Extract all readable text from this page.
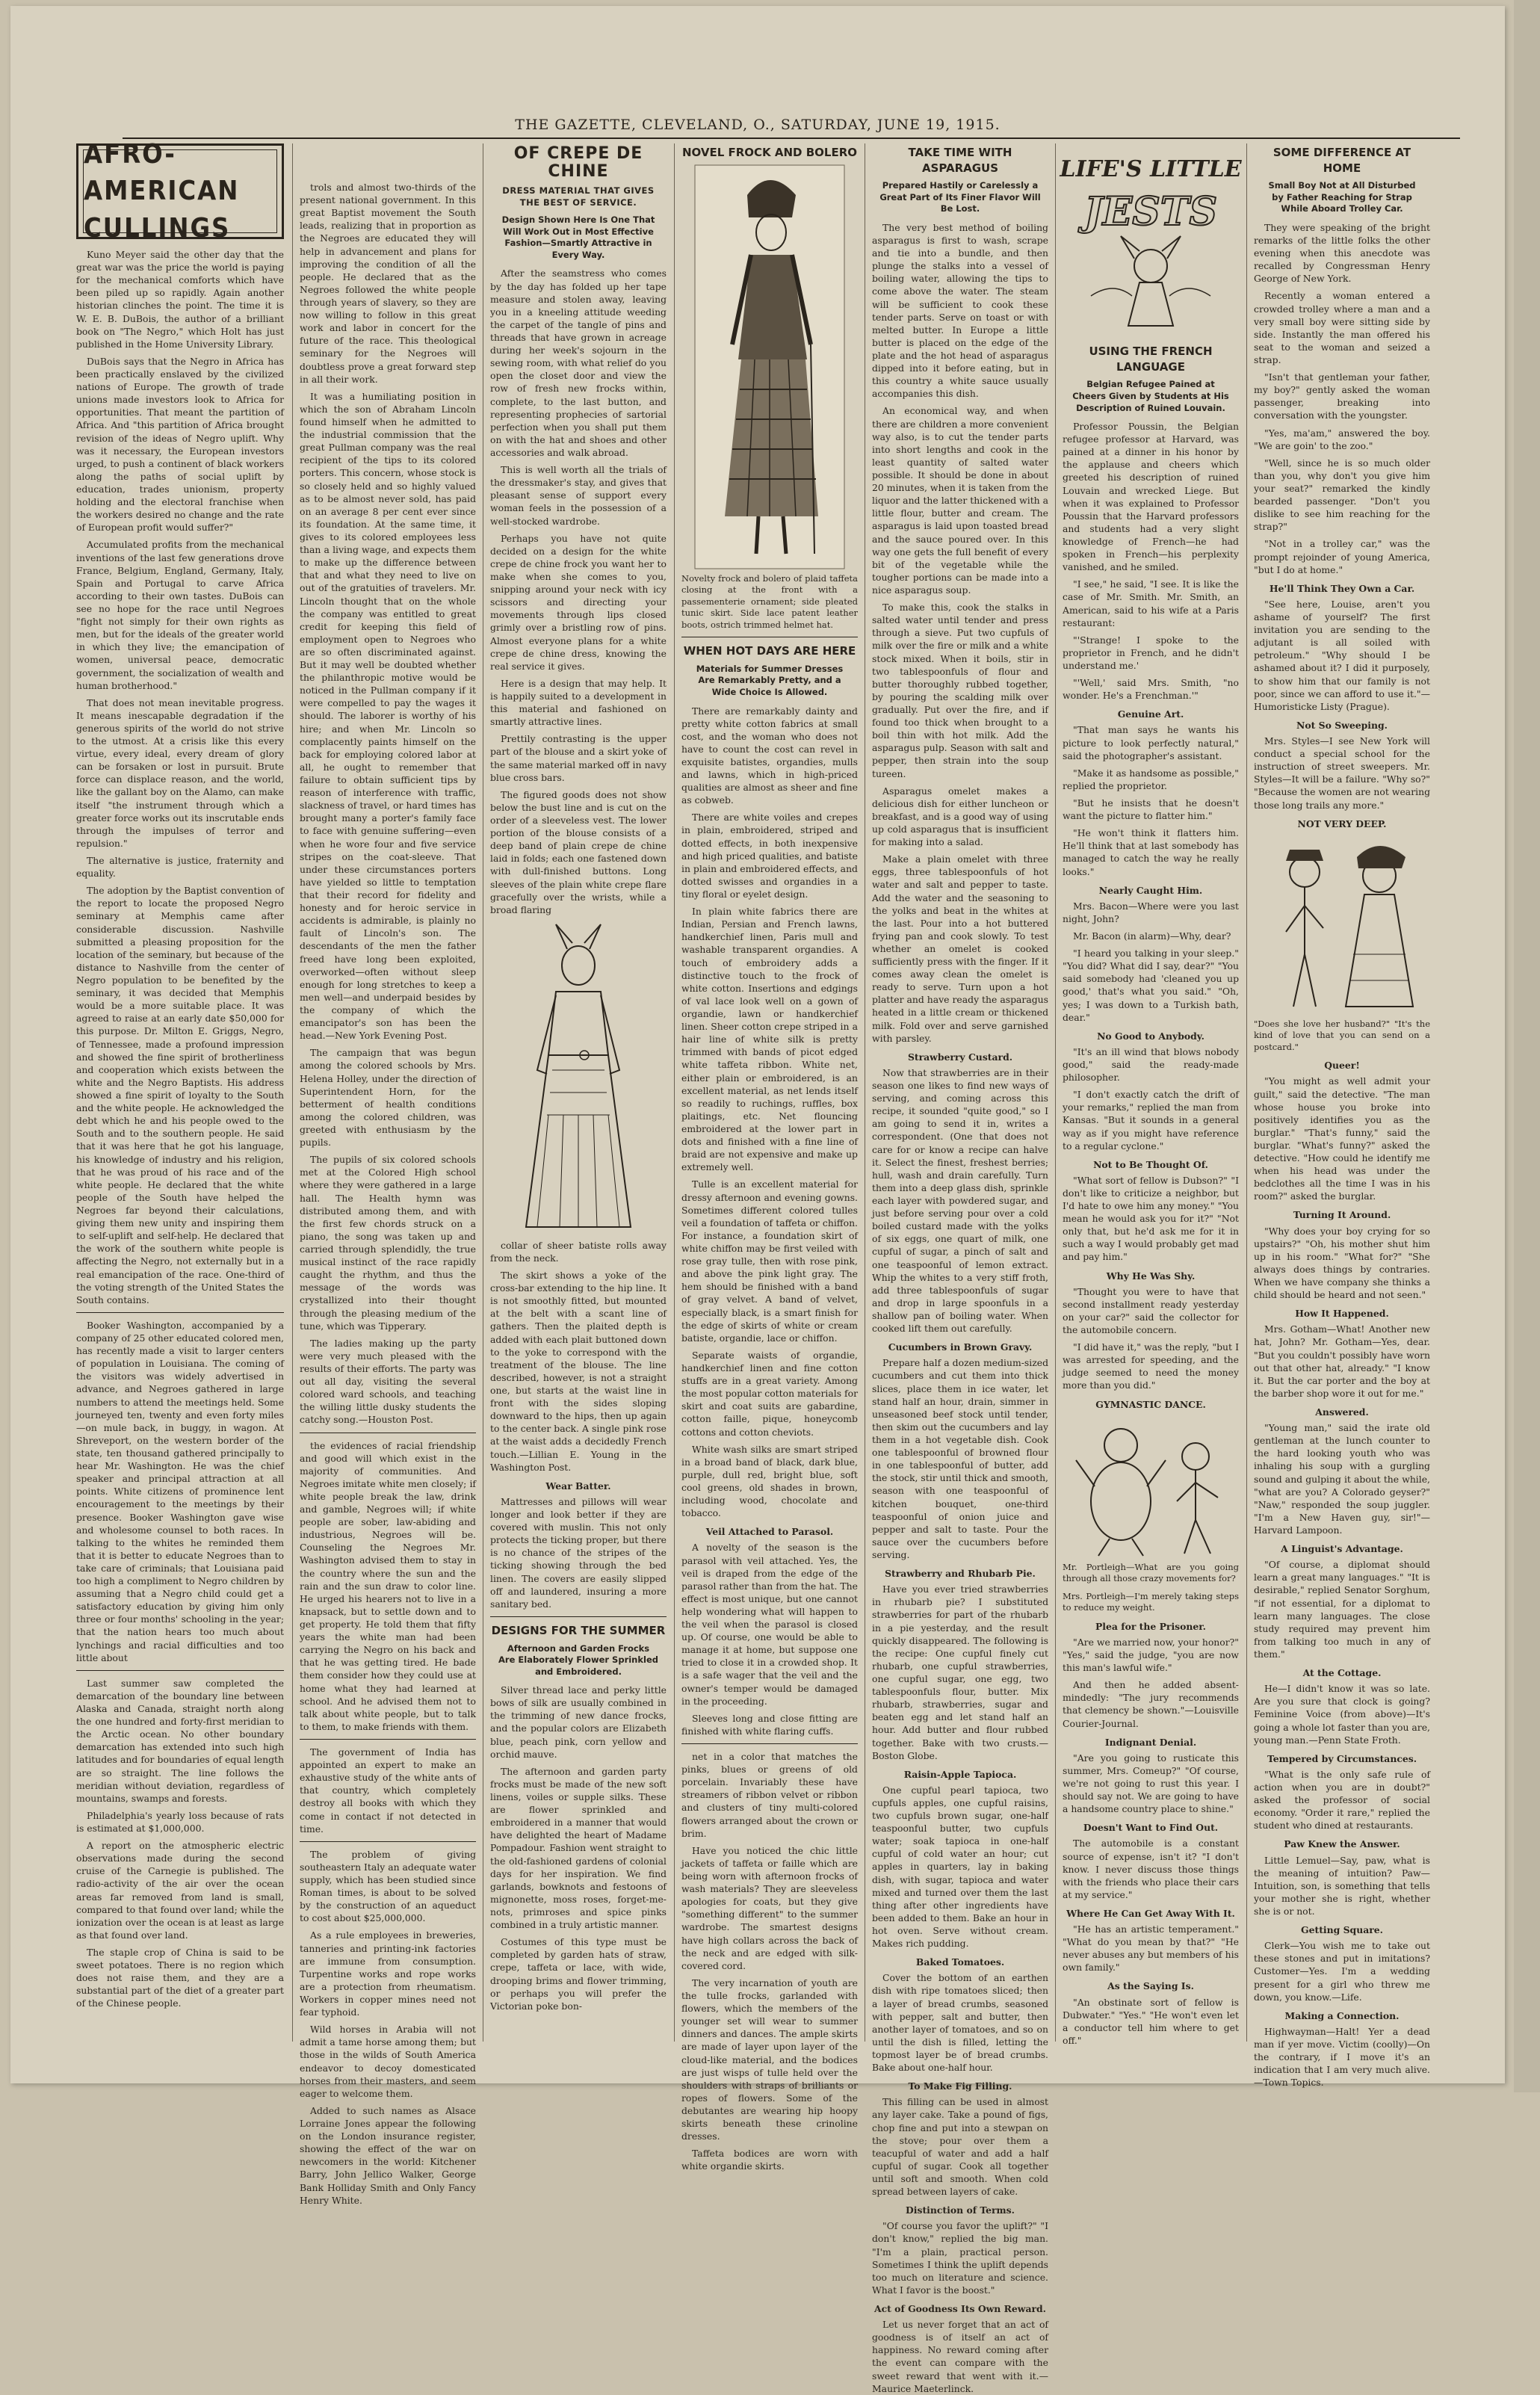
THE GAZETTE, CLEVELAND, O., SATURDAY, JUNE 19, 1915.
AFRO-AMERICAN CULLINGS

Kuno Meyer said the other day that the great war was the price the world is paying for the mechanical comforts which have been piled up so rapidly. Again another historian clinches the point. The time it is W. E. B. DuBois, the author of a brilliant book on "The Negro," which Holt has just published in the Home University Library.

DuBois says that the Negro in Africa has been practically enslaved by the civilized nations of Europe. The growth of trade unions made investors look to Africa for opportunities. That meant the partition of Africa. And "this partition of Africa brought revision of the ideas of Negro uplift. Why was it necessary, the European investors urged, to push a continent of black workers along the paths of social uplift by education, trades unionism, property holding and the electoral franchise when the workers desired no change and the rate of European profit would suffer?"

Accumulated profits from the mechanical inventions of the last few generations drove France, Belgium, England, Germany, Italy, Spain and Portugal to carve Africa according to their own tastes. DuBois can see no hope for the race until Negroes "fight not simply for their own rights as men, but for the ideals of the greater world in which they live; the emancipation of women, universal peace, democratic government, the socialization of wealth and human brotherhood."

That does not mean inevitable progress. It means inescapable degradation if the generous spirits of the world do not strive to the utmost. At a crisis like this every virtue, every ideal, every dream of glory can be forsaken or lost in pursuit. Brute force can displace reason, and the world, like the gallant boy on the Alamo, can make itself "the instrument through which a greater force works out its inscrutable ends through the impulses of terror and repulsion."

The alternative is justice, fraternity and equality.

The adoption by the Baptist convention of the report to locate the proposed Negro seminary at Memphis came after considerable discussion. Nashville submitted a pleasing proposition for the location of the seminary, but because of the distance to Nashville from the center of Negro population to be benefited by the seminary, it was decided that Memphis would be a more suitable place. It was agreed to raise at an early date $50,000 for this purpose. Dr. Milton E. Griggs, Negro, of Tennessee, made a profound impression and showed the fine spirit of brotherliness and cooperation which exists between the white and the Negro Baptists. His address showed a fine spirit of loyalty to the South and the white people. He acknowledged the debt which he and his people owed to the South and to the southern people. He said that it was here that he got his language, his knowledge of industry and his religion, that he was proud of his race and of the white people. He declared that the white people of the South have helped the Negroes far beyond their calculations, giving them new unity and inspiring them to self-uplift and self-help. He declared that the work of the southern white people is affecting the Negro, not externally but in a real emancipation of the race. One-third of the voting strength of the United States the South contains.

Booker Washington, accompanied by a company of 25 other educated colored men, has recently made a visit to larger centers of population in Louisiana. The coming of the visitors was widely advertised in advance, and Negroes gathered in large numbers to attend the meetings held. Some journeyed ten, twenty and even forty miles—on mule back, in buggy, in wagon. At Shreveport, on the western border of the state, ten thousand gathered principally to hear Mr. Washington. He was the chief speaker and principal attraction at all points. White citizens of prominence lent encouragement to the meetings by their presence. Booker Washington gave wise and wholesome counsel to both races. In talking to the whites he reminded them that it is better to educate Negroes than to take care of criminals; that Louisiana paid too high a compliment to Negro children by assuming that a Negro child could get a satisfactory education by giving him only three or four months' schooling in the year; that the nation hears too much about lynchings and racial difficulties and too little about

Last summer saw completed the demarcation of the boundary line between Alaska and Canada, straight north along the one hundred and forty-first meridian to the Arctic ocean. No other boundary demarcation has extended into such high latitudes and for boundaries of equal length are so straight. The line follows the meridian without deviation, regardless of mountains, swamps and forests.

Philadelphia's yearly loss because of rats is estimated at $1,000,000.

A report on the atmospheric electric observations made during the second cruise of the Carnegie is published. The radio-activity of the air over the ocean areas far removed from land is small, compared to that found over land; while the ionization over the ocean is at least as large as that found over land.

The staple crop of China is said to be sweet potatoes. There is no region which does not raise them, and they are a substantial part of the diet of a greater part of the Chinese people.

trols and almost two-thirds of the present national government. In this great Baptist movement the South leads, realizing that in proportion as the Negroes are educated they will help in advancement and plans for improving the condition of all the people. He declared that as the Negroes followed the white people through years of slavery, so they are now willing to follow in this great work and labor in concert for the future of the race. This theological seminary for the Negroes will doubtless prove a great forward step in all their work.

It was a humiliating position in which the son of Abraham Lincoln found himself when he admitted to the industrial commission that the great Pullman company was the real recipient of the tips to its colored porters. This concern, whose stock is so closely held and so highly valued as to be almost never sold, has paid on an average 8 per cent ever since its foundation. At the same time, it gives to its colored employees less than a living wage, and expects them to make up the difference between that and what they need to live on out of the gratuities of travelers. Mr. Lincoln thought that on the whole the company was entitled to great credit for keeping this field of employment open to Negroes who are so often discriminated against. But it may well be doubted whether the philanthropic motive would be noticed in the Pullman company if it were compelled to pay the wages it should. The laborer is worthy of his hire; and when Mr. Lincoln so complacently paints himself on the back for employing colored labor at all, he ought to remember that failure to obtain sufficient tips by reason of interference with traffic, slackness of travel, or hard times has brought many a porter's family face to face with genuine suffering—even when he wore four and five service stripes on the coat-sleeve. That under these circumstances porters have yielded so little to temptation that their record for fidelity and honesty and for heroic service in accidents is admirable, is plainly no fault of Lincoln's son. The descendants of the men the father freed have long been exploited, overworked—often without sleep enough for long stretches to keep a men well—and underpaid besides by the company of which the emancipator's son has been the head.—New York Evening Post.

The campaign that was begun among the colored schools by Mrs. Helena Holley, under the direction of Superintendent Horn, for the betterment of health conditions among the colored children, was greeted with enthusiasm by the pupils.

The pupils of six colored schools met at the Colored High school where they were gathered in a large hall. The Health hymn was distributed among them, and with the first few chords struck on a piano, the song was taken up and carried through splendidly, the true musical instinct of the race rapidly caught the rhythm, and thus the message of the words was crystallized into their thought through the pleasing medium of the tune, which was Tipperary.

The ladies making up the party were very much pleased with the results of their efforts. The party was out all day, visiting the several colored ward schools, and teaching the willing little dusky students the catchy song.—Houston Post.

the evidences of racial friendship and good will which exist in the majority of communities. And Negroes imitate white men closely; if white people break the law, drink and gamble, Negroes will; if white people are sober, law-abiding and industrious, Negroes will be. Counseling the Negroes Mr. Washington advised them to stay in the country where the sun and the rain and the sun draw to color line. He urged his hearers not to live in a knapsack, but to settle down and to get property. He told them that fifty years the white man had been carrying the Negro on his back and that he was getting tired. He bade them consider how they could use at home what they had learned at school. And he advised them not to talk about white people, but to talk to them, to make friends with them.

The government of India has appointed an expert to make an exhaustive study of the white ants of that country, which completely destroy all books with which they come in contact if not detected in time.

The problem of giving southeastern Italy an adequate water supply, which has been studied since Roman times, is about to be solved by the construction of an aqueduct to cost about $25,000,000.

As a rule employees in breweries, tanneries and printing-ink factories are immune from consumption. Turpentine works and rope works are a protection from rheumatism. Workers in copper mines need not fear typhoid.

Wild horses in Arabia will not admit a tame horse among them; but those in the wilds of South America endeavor to decoy domesticated horses from their masters, and seem eager to welcome them.

Added to such names as Alsace Lorraine Jones appear the following on the London insurance register, showing the effect of the war on newcomers in the world: Kitchener Barry, John Jellico Walker, George Bank Holliday Smith and Only Fancy Henry White.

OF CREPE DE CHINE
DRESS MATERIAL THAT GIVES THE BEST OF SERVICE.
Design Shown Here Is One That Will Work Out in Most Effective Fashion—Smartly Attractive in Every Way.

After the seamstress who comes by the day has folded up her tape measure and stolen away, leaving you in a kneeling attitude weeding the carpet of the tangle of pins and threads that have grown in acreage during her week's sojourn in the sewing room, with what relief do you open the closet door and view the row of fresh new frocks within, complete, to the last button, and representing prophecies of sartorial perfection when you shall put them on with the hat and shoes and other accessories and walk abroad.

This is well worth all the trials of the dressmaker's stay, and gives that pleasant sense of support every woman feels in the possession of a well-stocked wardrobe.

Perhaps you have not quite decided on a design for the white crepe de chine frock you want her to make when she comes to you, snipping around your neck with icy scissors and directing your movements through lips closed grimly over a bristling row of pins. Almost everyone plans for a white crepe de chine dress, knowing the real service it gives.

Here is a design that may help. It is happily suited to a development in this material and fashioned on smartly attractive lines.

Prettily contrasting is the upper part of the blouse and a skirt yoke of the same material marked off in navy blue cross bars.

The figured goods does not show below the bust line and is cut on the order of a sleeveless vest. The lower portion of the blouse consists of a deep band of plain crepe de chine laid in folds; each one fastened down with dull-finished buttons. Long sleeves of the plain white crepe flare gracefully over the wrists, while a broad flaring

collar of sheer batiste rolls away from the neck.

The skirt shows a yoke of the cross-bar extending to the hip line. It is not smoothly fitted, but mounted at the belt with a scant line of gathers. Then the plaited depth is added with each plait buttoned down to the yoke to correspond with the treatment of the blouse. The line described, however, is not a straight one, but starts at the waist line in front with the sides sloping downward to the hips, then up again to the center back. A single pink rose at the waist adds a decidedly French touch.—Lillian E. Young in the Washington Post.

Wear Batter.

Mattresses and pillows will wear longer and look better if they are covered with muslin. This not only protects the ticking proper, but there is no chance of the stripes of the ticking showing through the bed linen. The covers are easily slipped off and laundered, insuring a more sanitary bed.

DESIGNS FOR THE SUMMER
Afternoon and Garden Frocks Are Elaborately Flower Sprinkled and Embroidered.

Silver thread lace and perky little bows of silk are usually combined in the trimming of new dance frocks, and the popular colors are Elizabeth blue, peach pink, corn yellow and orchid mauve.

The afternoon and garden party frocks must be made of the new soft linens, voiles or supple silks. These are flower sprinkled and embroidered in a manner that would have delighted the heart of Madame Pompadour. Fashion went straight to the old-fashioned gardens of colonial days for her inspiration. We find garlands, bowknots and festoons of mignonette, moss roses, forget-me-nots, primroses and spice pinks combined in a truly artistic manner.

Costumes of this type must be completed by garden hats of straw, crepe, taffeta or lace, with wide, drooping brims and flower trimming, or perhaps you will prefer the Victorian poke bon-

NOVEL FROCK AND BOLERO
Novelty frock and bolero of plaid taffeta closing at the front with a passementerie ornament; side pleated tunic skirt. Side lace patent leather boots, ostrich trimmed helmet hat.
WHEN HOT DAYS ARE HERE
Materials for Summer Dresses Are Remarkably Pretty, and a Wide Choice Is Allowed.

There are remarkably dainty and pretty white cotton fabrics at small cost, and the woman who does not have to count the cost can revel in exquisite batistes, organdies, mulls and lawns, which in high-priced qualities are almost as sheer and fine as cobweb.

There are white voiles and crepes in plain, embroidered, striped and dotted effects, in both inexpensive and high priced qualities, and batiste in plain and embroidered effects, and dotted swisses and organdies in a tiny floral or eyelet design.

In plain white fabrics there are Indian, Persian and French lawns, handkerchief linen, Paris mull and washable transparent organdies. A touch of embroidery adds a distinctive touch to the frock of white cotton. Insertions and edgings of val lace look well on a gown of organdie, lawn or handkerchief linen. Sheer cotton crepe striped in a hair line of white silk is pretty trimmed with bands of picot edged white taffeta ribbon. White net, either plain or embroidered, is an excellent material, as net lends itself so readily to ruchings, ruffles, box plaitings, etc. Net flouncing embroidered at the lower part in dots and finished with a fine line of braid are not expensive and make up extremely well.

Tulle is an excellent material for dressy afternoon and evening gowns. Sometimes different colored tulles veil a foundation of taffeta or chiffon. For instance, a foundation skirt of white chiffon may be first veiled with rose gray tulle, then with rose pink, and above the pink light gray. The hem should be finished with a band of gray velvet. A band of velvet, especially black, is a smart finish for the edge of skirts of white or cream batiste, organdie, lace or chiffon.

Separate waists of organdie, handkerchief linen and fine cotton stuffs are in a great variety. Among the most popular cotton materials for skirt and coat suits are gabardine, cotton faille, pique, honeycomb cottons and cotton cheviots.

White wash silks are smart striped in a broad band of black, dark blue, purple, dull red, bright blue, soft cool greens, old shades in brown, including wood, chocolate and tobacco.

Veil Attached to Parasol.

A novelty of the season is the parasol with veil attached. Yes, the veil is draped from the edge of the parasol rather than from the hat. The effect is most unique, but one cannot help wondering what will happen to the veil when the parasol is closed up. Of course, one would be able to manage it at home, but suppose one tried to close it in a crowded shop. It is a safe wager that the veil and the owner's temper would be damaged in the proceeding.

Sleeves long and close fitting are finished with white flaring cuffs.

net in a color that matches the pinks, blues or greens of old porcelain. Invariably these have streamers of ribbon velvet or ribbon and clusters of tiny multi-colored flowers arranged about the crown or brim.

Have you noticed the chic little jackets of taffeta or faille which are being worn with afternoon frocks of wash materials? They are sleeveless apologies for coats, but they give "something different" to the summer wardrobe. The smartest designs have high collars across the back of the neck and are edged with silk-covered cord.

The very incarnation of youth are the tulle frocks, garlanded with flowers, which the members of the younger set will wear to summer dinners and dances. The ample skirts are made of layer upon layer of the cloud-like material, and the bodices are just wisps of tulle held over the shoulders with straps of brilliants or ropes of flowers. Some of the debutantes are wearing hip hoopy skirts beneath these crinoline dresses.

Taffeta bodices are worn with white organdie skirts.

TAKE TIME WITH ASPARAGUS
Prepared Hastily or Carelessly a Great Part of Its Finer Flavor Will Be Lost.

The very best method of boiling asparagus is first to wash, scrape and tie into a bundle, and then plunge the stalks into a vessel of boiling water, allowing the tips to come above the water. The steam will be sufficient to cook these tender parts. Serve on toast or with melted butter. In Europe a little butter is placed on the edge of the plate and the hot head of asparagus dipped into it before eating, but in this country a white sauce usually accompanies this dish.

An economical way, and when there are children a more convenient way also, is to cut the tender parts into short lengths and cook in the least quantity of salted water possible. It should be done in about 20 minutes, when it is taken from the liquor and the latter thickened with a little flour, butter and cream. The asparagus is laid upon toasted bread and the sauce poured over. In this way one gets the full benefit of every bit of the vegetable while the tougher portions can be made into a nice asparagus soup.

To make this, cook the stalks in salted water until tender and press through a sieve. Put two cupfuls of milk over the fire or milk and a white stock mixed. When it boils, stir in two tablespoonfuls of flour and butter thoroughly rubbed together, by pouring the scalding milk over gradually. Put over the fire, and if found too thick when brought to a boil thin with hot milk. Add the asparagus pulp. Season with salt and pepper, then strain into the soup tureen.

Asparagus omelet makes a delicious dish for either luncheon or breakfast, and is a good way of using up cold asparagus that is insufficient for making into a salad.

Make a plain omelet with three eggs, three tablespoonfuls of hot water and salt and pepper to taste. Add the water and the seasoning to the yolks and beat in the whites at the last. Pour into a hot buttered frying pan and cook slowly. To test whether an omelet is cooked sufficiently press with the finger. If it comes away clean the omelet is ready to serve. Turn upon a hot platter and have ready the asparagus heated in a little cream or thickened milk. Fold over and serve garnished with parsley.

Strawberry Custard.

Now that strawberries are in their season one likes to find new ways of serving, and coming across this recipe, it sounded "quite good," so I am going to send it in, writes a correspondent. (One that does not care for or know a recipe can halve it. Select the finest, freshest berries; hull, wash and drain carefully. Turn them into a deep glass dish, sprinkle each layer with powdered sugar, and just before serving pour over a cold boiled custard made with the yolks of six eggs, one quart of milk, one cupful of sugar, a pinch of salt and one teaspoonful of lemon extract. Whip the whites to a very stiff froth, add three tablespoonfuls of sugar and drop in large spoonfuls in a shallow pan of boiling water. When cooked lift them out carefully.

Cucumbers in Brown Gravy.

Prepare half a dozen medium-sized cucumbers and cut them into thick slices, place them in ice water, let stand half an hour, drain, simmer in unseasoned beef stock until tender, then skim out the cucumbers and lay them in a hot vegetable dish. Cook one tablespoonful of browned flour in one tablespoonful of butter, add the stock, stir until thick and smooth, season with one teaspoonful of kitchen bouquet, one-third teaspoonful of onion juice and pepper and salt to taste. Pour the sauce over the cucumbers before serving.

Strawberry and Rhubarb Pie.

Have you ever tried strawberries in rhubarb pie? I substituted strawberries for part of the rhubarb in a pie yesterday, and the result quickly disappeared. The following is the recipe: One cupful finely cut rhubarb, one cupful strawberries, one cupful sugar, one egg, two tablespoonfuls flour, butter. Mix rhubarb, strawberries, sugar and beaten egg and let stand half an hour. Add butter and flour rubbed together. Bake with two crusts.—Boston Globe.

Raisin-Apple Tapioca.

One cupful pearl tapioca, two cupfuls apples, one cupful raisins, two cupfuls brown sugar, one-half teaspoonful butter, two cupfuls water; soak tapioca in one-half cupful of cold water an hour; cut apples in quarters, lay in baking dish, with sugar, tapioca and water mixed and turned over them the last thing after other ingredients have been added to them. Bake an hour in hot oven. Serve without cream. Makes rich pudding.

Baked Tomatoes.

Cover the bottom of an earthen dish with ripe tomatoes sliced; then a layer of bread crumbs, seasoned with pepper, salt and butter, then another layer of tomatoes, and so on until the dish is filled, letting the topmost layer be of bread crumbs. Bake about one-half hour.

To Make Fig Filling.

This filling can be used in almost any layer cake. Take a pound of figs, chop fine and put into a stewpan on the stove; pour over them a teacupful of water and add a half cupful of sugar. Cook all together until soft and smooth. When cold spread between layers of cake.

Distinction of Terms.

"Of course you favor the uplift?" "I don't know," replied the big man. "I'm a plain, practical person. Sometimes I think the uplift depends too much on literature and science. What I favor is the boost."

Act of Goodness Its Own Reward.

Let us never forget that an act of goodness is of itself an act of happiness. No reward coming after the event can compare with the sweet reward that went with it.—Maurice Maeterlinck.

LIFE'S LITTLE
JESTS
USING THE FRENCH LANGUAGE
Belgian Refugee Pained at Cheers Given by Students at His Description of Ruined Louvain.

Professor Poussin, the Belgian refugee professor at Harvard, was pained at a dinner in his honor by the applause and cheers which greeted his description of ruined Louvain and wrecked Liege. But when it was explained to Professor Poussin that the Harvard professors and students had a very slight knowledge of French—he had spoken in French—his perplexity vanished, and he smiled.

"I see," he said, "I see. It is like the case of Mr. Smith. Mr. Smith, an American, said to his wife at a Paris restaurant:

"'Strange! I spoke to the proprietor in French, and he didn't understand me.'

"'Well,' said Mrs. Smith, "no wonder. He's a Frenchman.'"

Genuine Art.

"That man says he wants his picture to look perfectly natural," said the photographer's assistant.

"Make it as handsome as possible," replied the proprietor.

"But he insists that he doesn't want the picture to flatter him."

"He won't think it flatters him. He'll think that at last somebody has managed to catch the way he really looks."

Nearly Caught Him.

Mrs. Bacon—Where were you last night, John?

Mr. Bacon (in alarm)—Why, dear?

"I heard you talking in your sleep." "You did? What did I say, dear?" "You said somebody had 'cleaned you up good,' that's what you said." "Oh, yes; I was down to a Turkish bath, dear."

No Good to Anybody.

"It's an ill wind that blows nobody good," said the ready-made philosopher.

"I don't exactly catch the drift of your remarks," replied the man from Kansas. "But it sounds in a general way as if you might have reference to a regular cyclone."

Not to Be Thought Of.

"What sort of fellow is Dubson?" "I don't like to criticize a neighbor, but I'd hate to owe him any money." "You mean he would ask you for it?" "Not only that, but he'd ask me for it in such a way I would probably get mad and pay him."

Why He Was Shy.

"Thought you were to have that second installment ready yesterday on your car?" said the collector for the automobile concern.

"I did have it," was the reply, "but I was arrested for speeding, and the judge seemed to need the money more than you did."

GYMNASTIC DANCE.
Mr. Portleigh—What are you going through all those crazy movements for?
Mrs. Portleigh—I'm merely taking steps to reduce my weight.
Plea for the Prisoner.

"Are we married now, your honor?" "Yes," said the judge, "you are now this man's lawful wife."

And then he added absent-mindedly: "The jury recommends that clemency be shown."—Louisville Courier-Journal.

Indignant Denial.

"Are you going to rusticate this summer, Mrs. Comeup?" "Of course, we're not going to rust this year. I should say not. We are going to have a handsome country place to shine."

Doesn't Want to Find Out.

The automobile is a constant source of expense, isn't it? "I don't know. I never discuss those things with the friends who place their cars at my service."

Where He Can Get Away With It.

"He has an artistic temperament." "What do you mean by that?" "He never abuses any but members of his own family."

As the Saying Is.

"An obstinate sort of fellow is Dubwater." "Yes." "He won't even let a conductor tell him where to get off."

SOME DIFFERENCE AT HOME
Small Boy Not at All Disturbed by Father Reaching for Strap While Aboard Trolley Car.

They were speaking of the bright remarks of the little folks the other evening when this anecdote was recalled by Congressman Henry George of New York.

Recently a woman entered a crowded trolley where a man and a very small boy were sitting side by side. Instantly the man offered his seat to the woman and seized a strap.

"Isn't that gentleman your father, my boy?" gently asked the woman passenger, breaking into conversation with the youngster.

"Yes, ma'am," answered the boy. "We are goin' to the zoo."

"Well, since he is so much older than you, why don't you give him your seat?" remarked the kindly bearded passenger. "Don't you dislike to see him reaching for the strap?"

"Not in a trolley car," was the prompt rejoinder of young America, "but I do at home."

He'll Think They Own a Car.

"See here, Louise, aren't you ashame of yourself? The first invitation you are sending to the adjutant is all soiled with petroleum." "Why should I be ashamed about it? I did it purposely, to show him that our family is not poor, since we can afford to use it."—Humoristicke Listy (Prague).

Not So Sweeping.

Mrs. Styles—I see New York will conduct a special school for the instruction of street sweepers. Mr. Styles—It will be a failure. "Why so?" "Because the women are not wearing those long trails any more."

NOT VERY DEEP.
"Does she love her husband?" "It's the kind of love that you can send on a postcard."
Queer!

"You might as well admit your guilt," said the detective. "The man whose house you broke into positively identifies you as the burglar." "That's funny," said the burglar. "What's funny?" asked the detective. "How could he identify me when his head was under the bedclothes all the time I was in his room?" asked the burglar.

Turning It Around.

"Why does your boy crying for so upstairs?" "Oh, his mother shut him up in his room." "What for?" "She always does things by contraries. When we have company she thinks a child should be heard and not seen."

How It Happened.

Mrs. Gotham—What! Another new hat, John? Mr. Gotham—Yes, dear. "But you couldn't possibly have worn out that other hat, already." "I know it. But the car porter and the boy at the barber shop wore it out for me."

Answered.

"Young man," said the irate old gentleman at the lunch counter to the hard looking youth who was inhaling his soup with a gurgling sound and gulping it about the while, "what are you? A Colorado geyser?" "Naw," responded the soup juggler. "I'm a New Haven guy, sir!"—Harvard Lampoon.

A Linguist's Advantage.

"Of course, a diplomat should learn a great many languages." "It is desirable," replied Senator Sorghum, "if not essential, for a diplomat to learn many languages. The close study required may prevent him from talking too much in any of them."

At the Cottage.

He—I didn't know it was so late. Are you sure that clock is going? Feminine Voice (from above)—It's going a whole lot faster than you are, young man.—Penn State Froth.

Tempered by Circumstances.

"What is the only safe rule of action when you are in doubt?" asked the professor of social economy. "Order it rare," replied the student who dined at restaurants.

Paw Knew the Answer.

Little Lemuel—Say, paw, what is the meaning of intuition? Paw—Intuition, son, is something that tells your mother she is right, whether she is or not.

Getting Square.

Clerk—You wish me to take out these stones and put in imitations? Customer—Yes. I'm a wedding present for a girl who threw me down, you know.—Life.

Making a Connection.

Highwayman—Halt! Yer a dead man if yer move. Victim (coolly)—On the contrary, if I move it's an indication that I am very much alive.—Town Topics.
